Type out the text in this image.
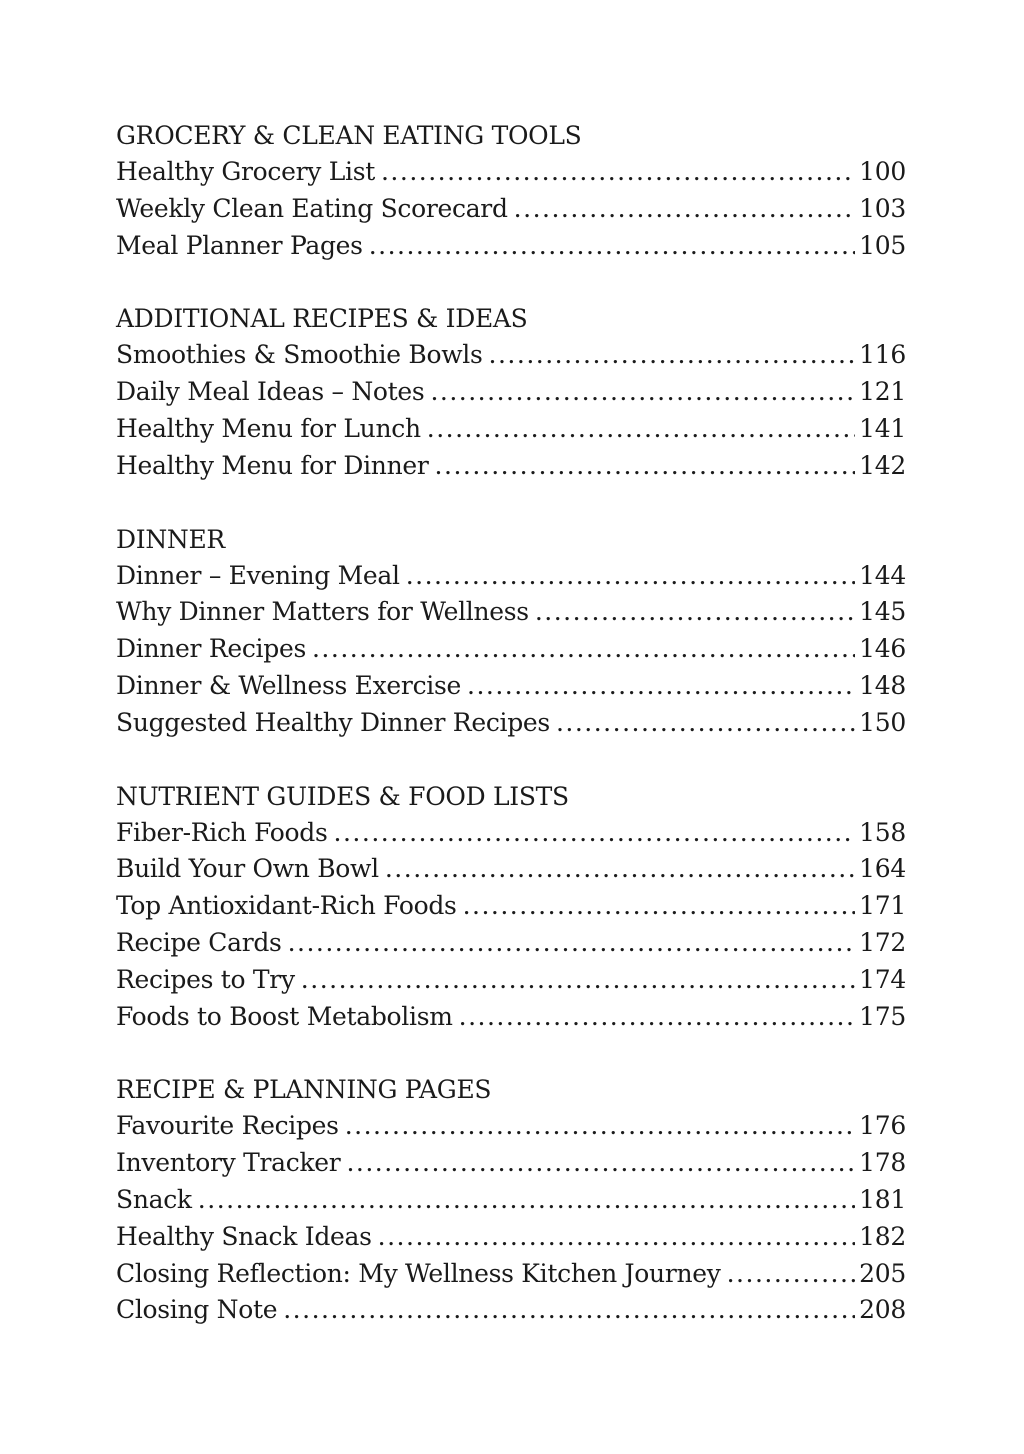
GROCERY & CLEAN EATING TOOLS
Healthy Grocery List .....	100
Weekly Clean Eating Scorecard .....	103
Meal Planner Pages .....	105
ADDITIONAL RECIPES & IDEAS
Smoothies & Smoothie Bowls .....	116
Daily Meal Ideas – Notes .....	121
Healthy Menu for Lunch .....	141
Healthy Menu for Dinner .....	142
DINNER
Dinner – Evening Meal .....	144
Why Dinner Matters for Wellness .....	145
Dinner Recipes .....	146
Dinner & Wellness Exercise .....	148
Suggested Healthy Dinner Recipes .....	150
NUTRIENT GUIDES & FOOD LISTS
Fiber-Rich Foods .....	158
Build Your Own Bowl .....	164
Top Antioxidant-Rich Foods .....	171
Recipe Cards .....	172
Recipes to Try .....	174
Foods to Boost Metabolism .....	175
RECIPE & PLANNING PAGES
Favourite Recipes .....	176
Inventory Tracker .....	178
Snack .....	181
Healthy Snack Ideas .....	182
Closing Reflection: My Wellness Kitchen Journey .....	205
Closing Note .....	208
